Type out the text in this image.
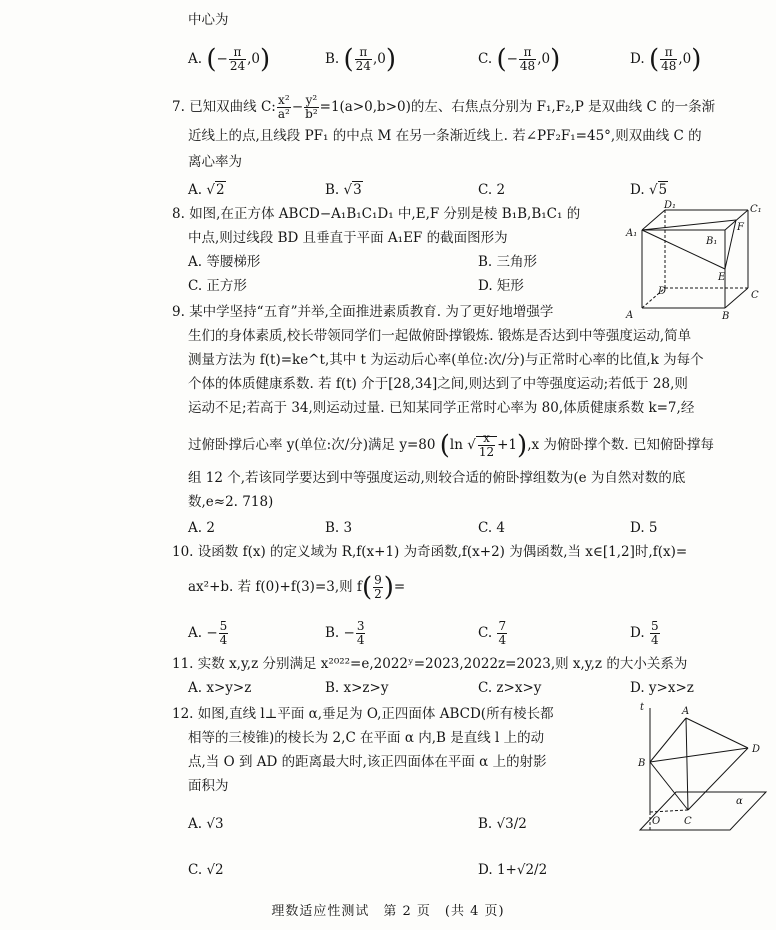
中心为
A. (− $\frac{\pi}{24} ,0$)	B. ( $\frac{\pi}{24} ,0$)	C. (− $\frac{\pi}{48} ,0$)	D. ( $\frac{\pi}{48} ,0$)
7. 已知双曲线 C: $\frac{\text{x²}}{\text{a²}} - \frac{\text{y²}}{\text{b²}} =1(a>0,b>0)$的左、右焦点分别为 F₁,F₂,P 是双曲线 C 的一条渐
近线上的点,且线段 PF₁ 的中点 M 在另一条渐近线上. 若∠PF₂F₁=45°,则双曲线 C 的
离心率为
A. √2	B. √3	C. 2	D. √5
8. 如图,在正方体 ABCD−A₁B₁C₁D₁ 中,E,F 分别是棱 B₁B,B₁C₁ 的
中点,则过线段 BD 且垂直于平面 A₁EF 的截面图形为
A. 等腰梯形	B. 三角形
C. 正方形	D. 矩形
D₁	C₁
A₁
B₁
F
E
D	C
A	B
9. 某中学坚持“五育”并举,全面推进素质教育. 为了更好地增强学
生们的身体素质,校长带领同学们一起做俯卧撑锻炼. 锻炼是否达到中等强度运动,简单
测量方法为 f(t)=ke^t,其中 t 为运动后心率(单位:次/分)与正常时心率的比值,k 为每个
个体的体质健康系数. 若 f(t) 介于[28,34]之间,则达到了中等强度运动;若低于 28,则
运动不足;若高于 34,则运动过量. 已知某同学正常时心率为 80,体质健康系数 k=7,经
过俯卧撑后心率 y(单位:次/分)满足 y=80 (ln √ $\frac{x}{12} +1),x$ 为俯卧撑个数. 已知俯卧撑每
组 12 个,若该同学要达到中等强度运动,则较合适的俯卧撑组数为(e 为自然对数的底
数,e≈2. 718)
A. 2	B. 3	C. 4	D. 5
10. 设函数 f(x) 的定义域为 R,f(x+1) 为奇函数,f(x+2) 为偶函数,当 x∈[1,2]时,f(x)=
ax²+b. 若 f(0)+f(3)=3,则 $f( \frac{9}{2}$ )=
A. − $\frac{5}{4}$	B. − $\frac{3}{4}$	C. $\frac{7}{4}$	D. $\frac{5}{4}$
11. 实数 x,y,z 分别满足 x²⁰²²=e,2022ʸ=2023,2022z=2023,则 x,y,z 的大小关系为
A. x>y>z	B. x>z>y	C. z>x>y	D. y>x>z
12. 如图,直线 l⊥平面 α,垂足为 O,正四面体 ABCD(所有棱长都
相等的三棱锥)的棱长为 2,C 在平面 α 内,B 是直线 l 上的动
点,当 O 到 AD 的距离最大时,该正四面体在平面 α 上的射影
面积为
A. √3	B. √3/2
C. √2	D. 1+√2/2
t	A
D
B
O C
α
理数适应性测试　第 2 页　(共 4 页)
